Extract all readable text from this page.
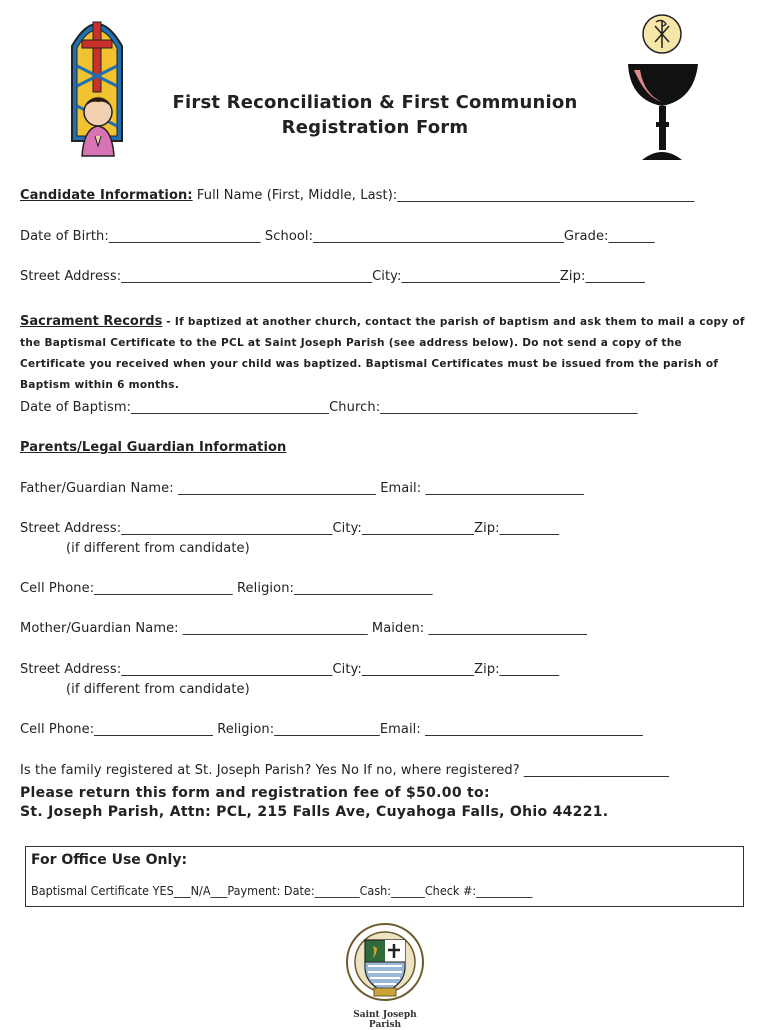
First Reconciliation & First Communion
Registration Form
Candidate Information: Full Name (First, Middle, Last):_____________________________________________
Date of Birth:_______________________ School:______________________________________Grade:_______
Street Address:______________________________________City:________________________Zip:_________
Sacrament Records - If baptized at another church, contact the parish of baptism and ask them to mail a copy of the Baptismal Certificate to the PCL at Saint Joseph Parish (see address below). Do not send a copy of the Certificate you received when your child was baptized. Baptismal Certificates must be issued from the parish of Baptism within 6 months.
Date of Baptism:______________________________Church:_______________________________________
Parents/Legal Guardian Information
Father/Guardian Name: ______________________________ Email: ________________________
Street Address:________________________________City:_________________Zip:_________
(if different from candidate)
Cell Phone:_____________________ Religion:_____________________
Mother/Guardian Name: ____________________________ Maiden: ________________________
Street Address:________________________________City:_________________Zip:_________
(if different from candidate)
Cell Phone:__________________ Religion:________________Email: _________________________________
Is the family registered at St. Joseph Parish? Yes No If no, where registered? ______________________
Please return this form and registration fee of $50.00 to:
St. Joseph Parish, Attn: PCL, 215 Falls Ave, Cuyahoga Falls, Ohio 44221.
For Office Use Only:
Baptismal Certificate YES___N/A___Payment: Date:________Cash:______Check #:__________
Saint Joseph Parish
